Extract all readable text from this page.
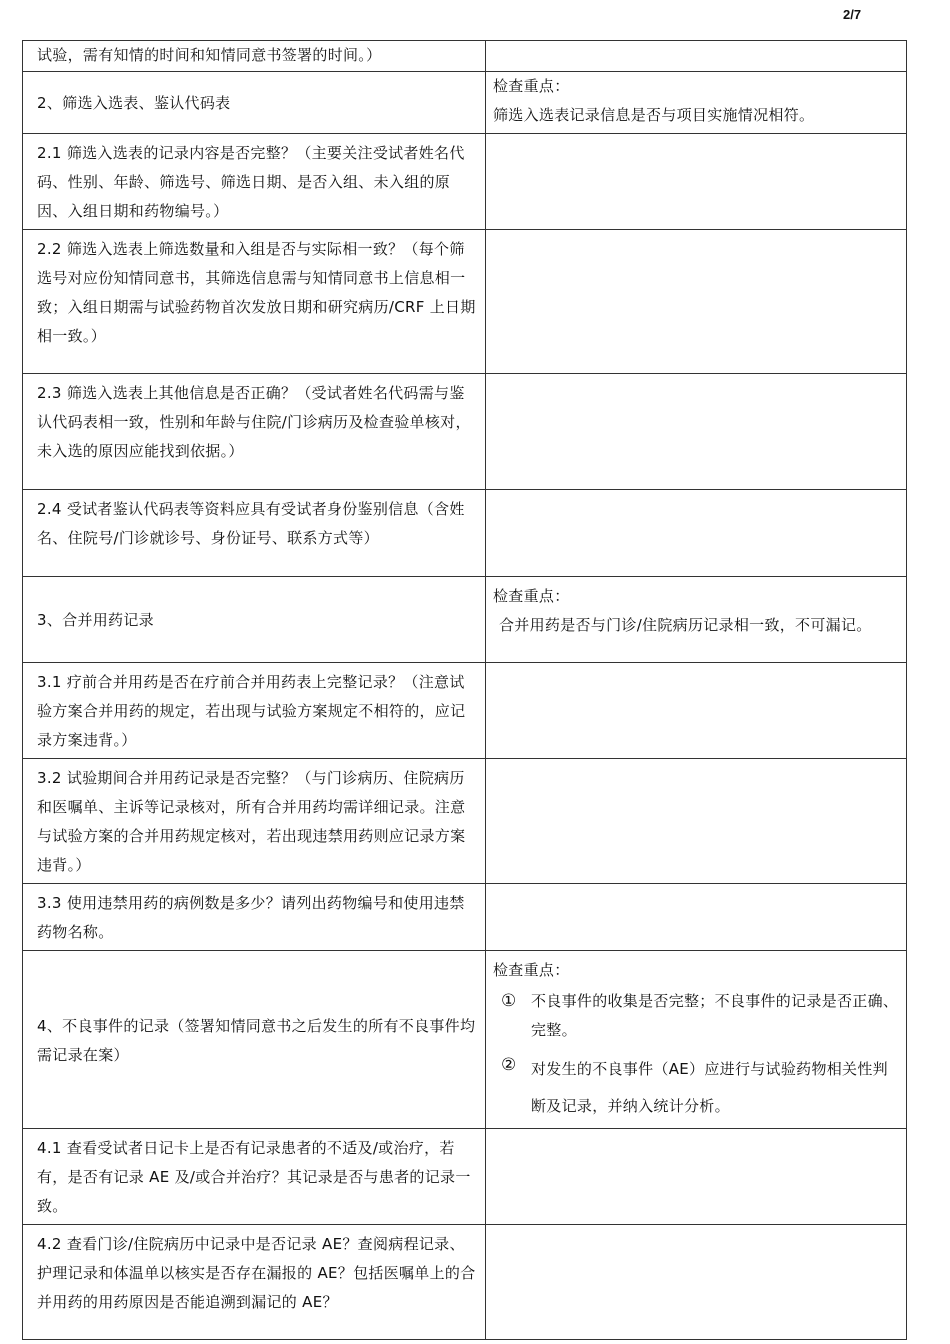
2/7
试验，需有知情的时间和知情同意书签署的时间。）	
2、筛选入选表、鉴认代码表	检查重点：
筛选入选表记录信息是否与项目实施情况相符。

2.1 筛选入选表的记录内容是否完整？（主要关注受试者姓名代码、性别、年龄、筛选号、筛选日期、是否入组、未入组的原因、入组日期和药物编号。）	
2.2 筛选入选表上筛选数量和入组是否与实际相一致？（每个筛选号对应份知情同意书，其筛选信息需与知情同意书上信息相一致；入组日期需与试验药物首次发放日期和研究病历/CRF 上日期相一致。）	
2.3 筛选入选表上其他信息是否正确？（受试者姓名代码需与鉴认代码表相一致，性别和年龄与住院/门诊病历及检查验单核对，未入选的原因应能找到依据。）	
2.4 受试者鉴认代码表等资料应具有受试者身份鉴别信息（含姓名、住院号/门诊就诊号、身份证号、联系方式等）	
3、合并用药记录	检查重点：
合并用药是否与门诊/住院病历记录相一致，不可漏记。

3.1 疗前合并用药是否在疗前合并用药表上完整记录？（注意试验方案合并用药的规定，若出现与试验方案规定不相符的，应记录方案违背。）	
3.2 试验期间合并用药记录是否完整？（与门诊病历、住院病历和医嘱单、主诉等记录核对，所有合并用药均需详细记录。注意与试验方案的合并用药规定核对，若出现违禁用药则应记录方案违背。）	
3.3 使用违禁用药的病例数是多少？请列出药物编号和使用违禁药物名称。	
4、不良事件的记录（签署知情同意书之后发生的所有不良事件均需记录在案）	检查重点：
① 不良事件的收集是否完整；不良事件的记录是否正确、完整。
② 对发生的不良事件（AE）应进行与试验药物相关性判断及记录，并纳入统计分析。

4.1 查看受试者日记卡上是否有记录患者的不适及/或治疗，若有，是否有记录 AE 及/或合并治疗？其记录是否与患者的记录一致。	
4.2 查看门诊/住院病历中记录中是否记录 AE？查阅病程记录、护理记录和体温单以核实是否存在漏报的 AE？包括医嘱单上的合并用药的用药原因是否能追溯到漏记的 AE？	
